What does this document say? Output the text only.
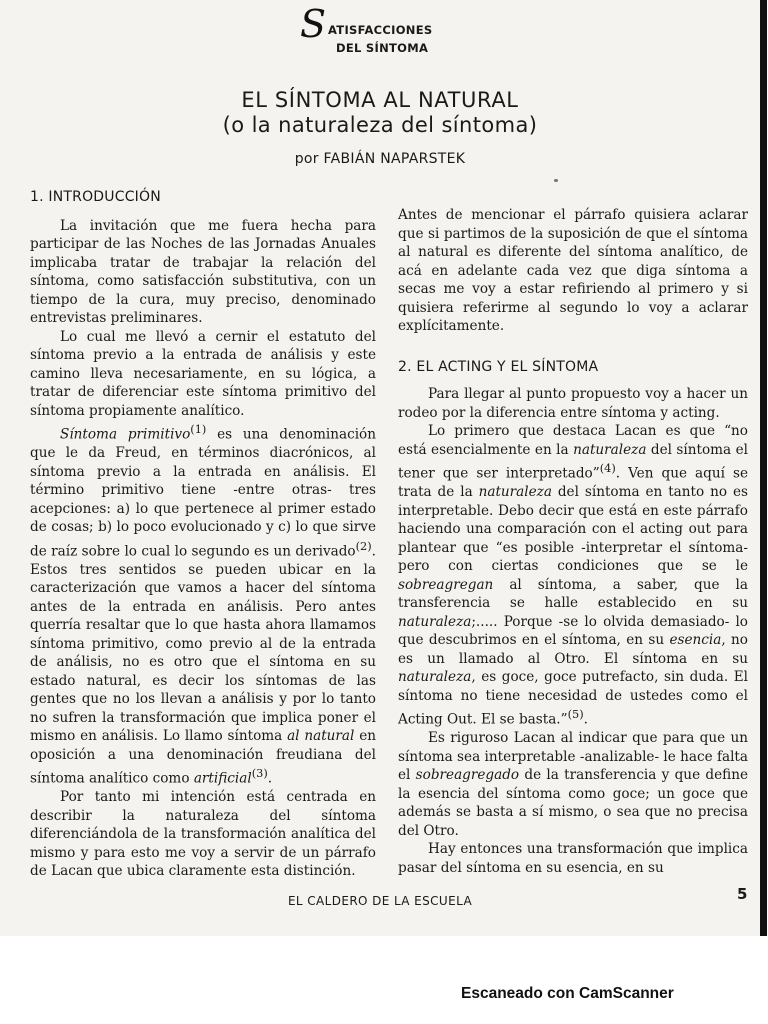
S ATISFACCIONES
DEL SÍNTOMA
EL SÍNTOMA AL NATURAL
(o la naturaleza del síntoma)
por FABIÁN NAPARSTEK
1. INTRODUCCIÓN

La invitación que me fuera hecha para participar de las Noches de las Jornadas Anuales implicaba tratar de trabajar la relación del síntoma, como satisfacción substitutiva, con un tiempo de la cura, muy preciso, denominado entrevistas preliminares.

Lo cual me llevó a cernir el estatuto del síntoma previo a la entrada de análisis y este camino lleva necesariamente, en su lógica, a tratar de diferenciar este síntoma primitivo del síntoma propiamente analítico.

Síntoma primitivo$^{(1)}$ es una denominación que le da Freud, en términos diacrónicos, al síntoma previo a la entrada en análisis. El término primitivo tiene -entre otras- tres acepciones: a) lo que pertenece al primer estado de cosas; b) lo poco evolucionado y c) lo que sirve de raíz sobre lo cual lo segundo es un derivado$^{(2)}$. Estos tres sentidos se pueden ubicar en la caracterización que vamos a hacer del síntoma antes de la entrada en análisis. Pero antes querría resaltar que lo que hasta ahora llamamos síntoma primitivo, como previo al de la entrada de análisis, no es otro que el síntoma en su estado natural, es decir los síntomas de las gentes que no los llevan a análisis y por lo tanto no sufren la transformación que implica poner el mismo en análisis. Lo llamo síntoma al natural en oposición a una denominación freudiana del síntoma analítico como artificial$^{(3)}$.

Por tanto mi intención está centrada en describir la naturaleza del síntoma diferenciándola de la transformación analítica del mismo y para esto me voy a servir de un párrafo de Lacan que ubica claramente esta distinción.

Antes de mencionar el párrafo quisiera aclarar que si partimos de la suposición de que el síntoma al natural es diferente del síntoma analítico, de acá en adelante cada vez que diga síntoma a secas me voy a estar refiriendo al primero y si quisiera referirme al segundo lo voy a aclarar explícitamente.

2. EL ACTING Y EL SÍNTOMA

Para llegar al punto propuesto voy a hacer un rodeo por la diferencia entre síntoma y acting.

Lo primero que destaca Lacan es que “no está esencialmente en la naturaleza del síntoma el tener que ser interpretado”$^{(4)}$. Ven que aquí se trata de la naturaleza del síntoma en tanto no es interpretable. Debo decir que está en este párrafo haciendo una comparación con el acting out para plantear que “es posible -interpretar el síntoma- pero con ciertas condiciones que se le sobreagregan al síntoma, a saber, que la transferencia se halle establecido en su naturaleza;..... Porque -se lo olvida demasiado- lo que descubrimos en el síntoma, en su esencia, no es un llamado al Otro. El síntoma en su naturaleza, es goce, goce putrefacto, sin duda. El síntoma no tiene necesidad de ustedes como el Acting Out. El se basta.”$^{(5)}$.

Es riguroso Lacan al indicar que para que un síntoma sea interpretable -analizable- le hace falta el sobreagregado de la transferencia y que define la esencia del síntoma como goce; un goce que además se basta a sí mismo, o sea que no precisa del Otro.

Hay entonces una transformación que implica pasar del síntoma en su esencia, en su

EL CALDERO DE LA ESCUELA	5
Escaneado con CamScanner
